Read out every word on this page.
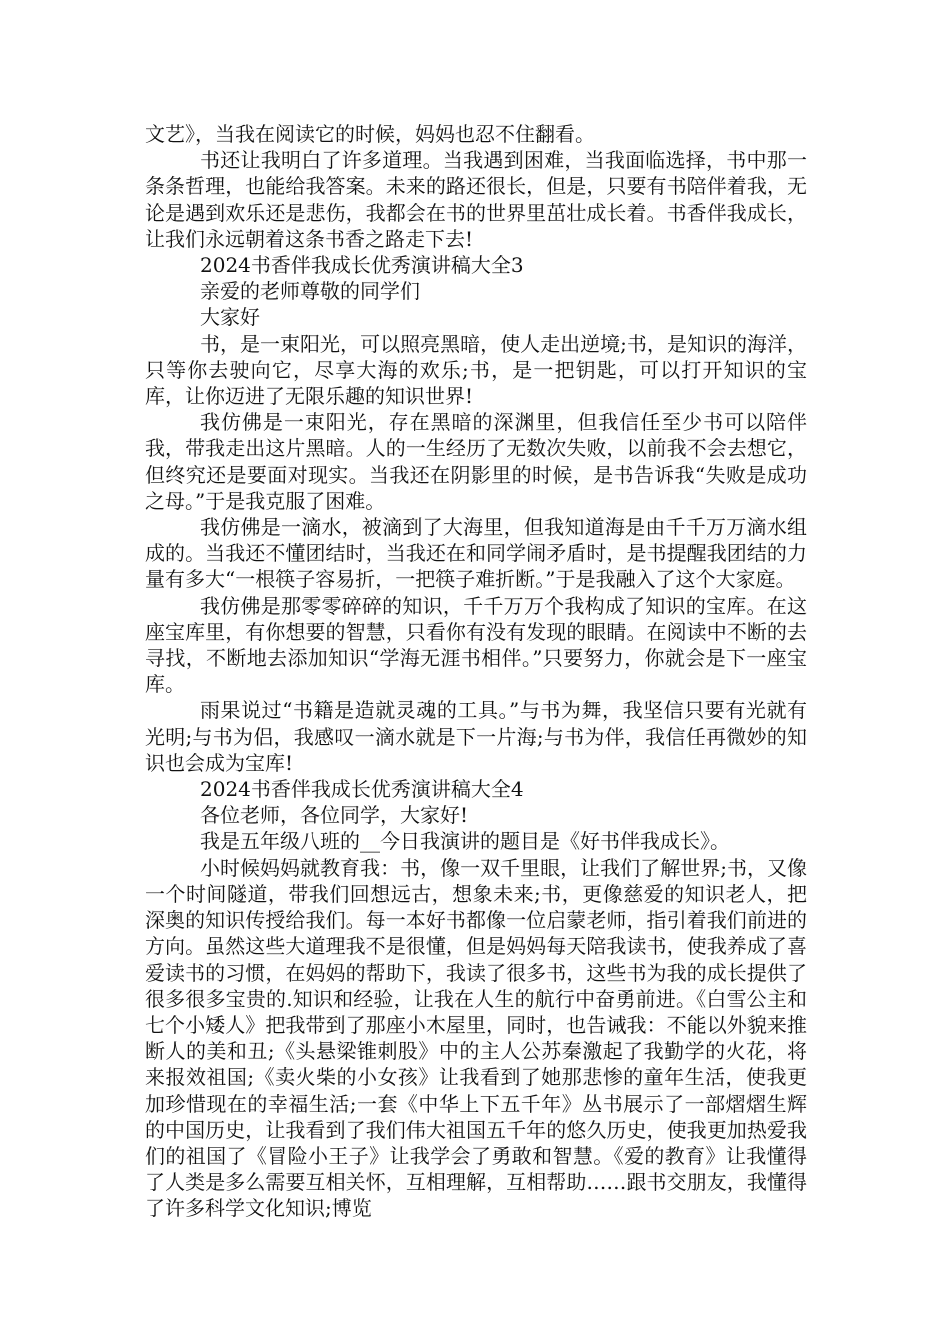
文艺》，当我在阅读它的时候，妈妈也忍不住翻看。

书还让我明白了许多道理。当我遇到困难，当我面临选择，书中那一条条哲理，也能给我答案。未来的路还很长，但是，只要有书陪伴着我，无论是遇到欢乐还是悲伤，我都会在书的世界里茁壮成长着。书香伴我成长，让我们永远朝着这条书香之路走下去!

2024书香伴我成长优秀演讲稿大全3

亲爱的老师尊敬的同学们

大家好

书，是一束阳光，可以照亮黑暗，使人走出逆境;书，是知识的海洋，只等你去驶向它，尽享大海的欢乐;书，是一把钥匙，可以打开知识的宝库，让你迈进了无限乐趣的知识世界!

我仿佛是一束阳光，存在黑暗的深渊里，但我信任至少书可以陪伴我，带我走出这片黑暗。人的一生经历了无数次失败，以前我不会去想它，但终究还是要面对现实。当我还在阴影里的时候，是书告诉我“失败是成功之母。”于是我克服了困难。

我仿佛是一滴水，被滴到了大海里，但我知道海是由千千万万滴水组成的。当我还不懂团结时，当我还在和同学闹矛盾时，是书提醒我团结的力量有多大“一根筷子容易折，一把筷子难折断。”于是我融入了这个大家庭。

我仿佛是那零零碎碎的知识，千千万万个我构成了知识的宝库。在这座宝库里，有你想要的智慧，只看你有没有发现的眼睛。在阅读中不断的去寻找，不断地去添加知识“学海无涯书相伴。”只要努力，你就会是下一座宝库。

雨果说过“书籍是造就灵魂的工具。”与书为舞，我坚信只要有光就有光明;与书为侣，我感叹一滴水就是下一片海;与书为伴，我信任再微妙的知识也会成为宝库!

2024书香伴我成长优秀演讲稿大全4

各位老师，各位同学，大家好!

我是五年级八班的__今日我演讲的题目是《好书伴我成长》。

小时候妈妈就教育我：书，像一双千里眼，让我们了解世界;书，又像一个时间隧道，带我们回想远古，想象未来;书，更像慈爱的知识老人，把深奥的知识传授给我们。每一本好书都像一位启蒙老师，指引着我们前进的方向。虽然这些大道理我不是很懂，但是妈妈每天陪我读书，使我养成了喜爱读书的习惯，在妈妈的帮助下，我读了很多书，这些书为我的成长提供了很多很多宝贵的.知识和经验，让我在人生的航行中奋勇前进。《白雪公主和七个小矮人》把我带到了那座小木屋里，同时，也告诫我：不能以外貌来推断人的美和丑;《头悬梁锥刺股》中的主人公苏秦激起了我勤学的火花，将来报效祖国;《卖火柴的小女孩》让我看到了她那悲惨的童年生活，使我更加珍惜现在的幸福生活;一套《中华上下五千年》丛书展示了一部熠熠生辉的中国历史，让我看到了我们伟大祖国五千年的悠久历史，使我更加热爱我们的祖国了《冒险小王子》让我学会了勇敢和智慧。《爱的教育》让我懂得了人类是多么需要互相关怀，互相理解，互相帮助……跟书交朋友，我懂得了许多科学文化知识;博览
